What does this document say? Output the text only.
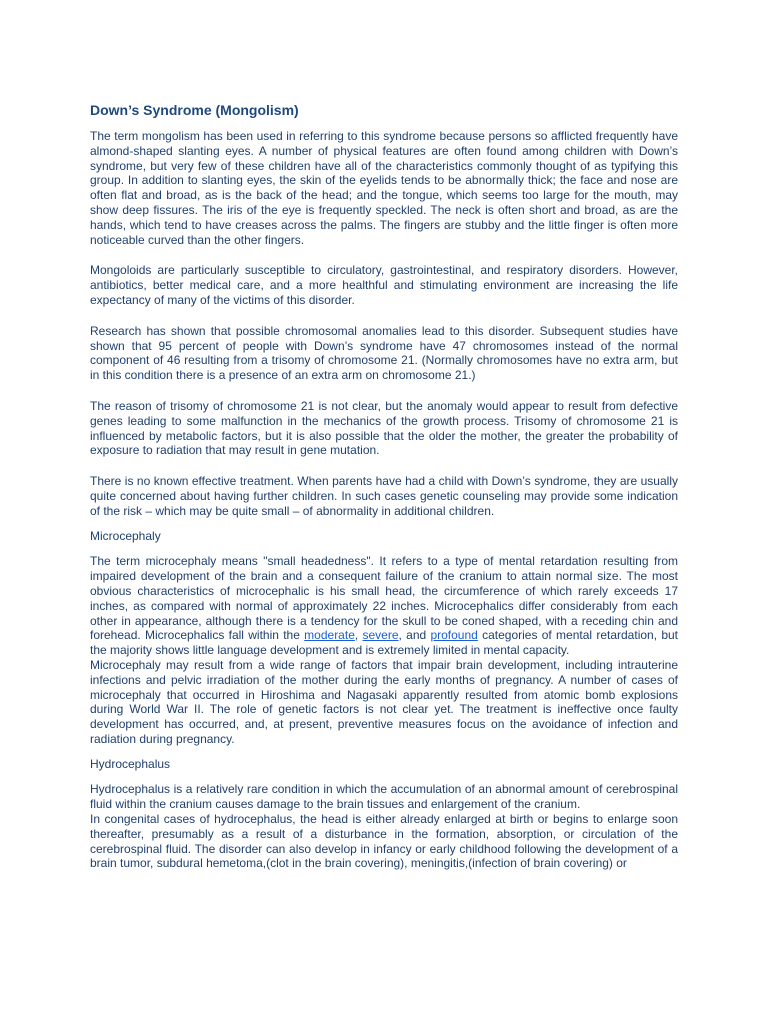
Down’s Syndrome (Mongolism)

The term mongolism has been used in referring to this syndrome because persons so afflicted frequently have almond-shaped slanting eyes. A number of physical features are often found among children with Down’s syndrome, but very few of these children have all of the characteristics commonly thought of as typifying this group. In addition to slanting eyes, the skin of the eyelids tends to be abnormally thick; the face and nose are often flat and broad, as is the back of the head; and the tongue, which seems too large for the mouth, may show deep fissures. The iris of the eye is frequently speckled. The neck is often short and broad, as are the hands, which tend to have creases across the palms. The fingers are stubby and the little finger is often more noticeable curved than the other fingers.

Mongoloids are particularly susceptible to circulatory, gastrointestinal, and respiratory disorders. However, antibiotics, better medical care, and a more healthful and stimulating environment are increasing the life expectancy of many of the victims of this disorder.

Research has shown that possible chromosomal anomalies lead to this disorder. Subsequent studies have shown that 95 percent of people with Down’s syndrome have 47 chromosomes instead of the normal component of 46 resulting from a trisomy of chromosome 21. (Normally chromosomes have no extra arm, but in this condition there is a presence of an extra arm on chromosome 21.)

The reason of trisomy of chromosome 21 is not clear, but the anomaly would appear to result from defective genes leading to some malfunction in the mechanics of the growth process. Trisomy of chromosome 21 is influenced by metabolic factors, but it is also possible that the older the mother, the greater the probability of exposure to radiation that may result in gene mutation.

There is no known effective treatment. When parents have had a child with Down’s syndrome, they are usually quite concerned about having further children. In such cases genetic counseling may provide some indication of the risk – which may be quite small – of abnormality in additional children.

Microcephaly

The term microcephaly means "small headedness". It refers to a type of mental retardation resulting from impaired development of the brain and a consequent failure of the cranium to attain normal size. The most obvious characteristics of microcephalic is his small head, the circumference of which rarely exceeds 17 inches, as compared with normal of approximately 22 inches. Microcephalics differ considerably from each other in appearance, although there is a tendency for the skull to be coned shaped, with a receding chin and forehead. Microcephalics fall within the moderate, severe, and profound categories of mental retardation, but the majority shows little language development and is extremely limited in mental capacity.

Microcephaly may result from a wide range of factors that impair brain development, including intrauterine infections and pelvic irradiation of the mother during the early months of pregnancy. A number of cases of microcephaly that occurred in Hiroshima and Nagasaki apparently resulted from atomic bomb explosions during World War II. The role of genetic factors is not clear yet. The treatment is ineffective once faulty development has occurred, and, at present, preventive measures focus on the avoidance of infection and radiation during pregnancy.

Hydrocephalus

Hydrocephalus is a relatively rare condition in which the accumulation of an abnormal amount of cerebrospinal fluid within the cranium causes damage to the brain tissues and enlargement of the cranium.

In congenital cases of hydrocephalus, the head is either already enlarged at birth or begins to enlarge soon thereafter, presumably as a result of a disturbance in the formation, absorption, or circulation of the cerebrospinal fluid. The disorder can also develop in infancy or early childhood following the development of a brain tumor, subdural hemetoma,(clot in the brain covering), meningitis,(infection of brain covering) or
